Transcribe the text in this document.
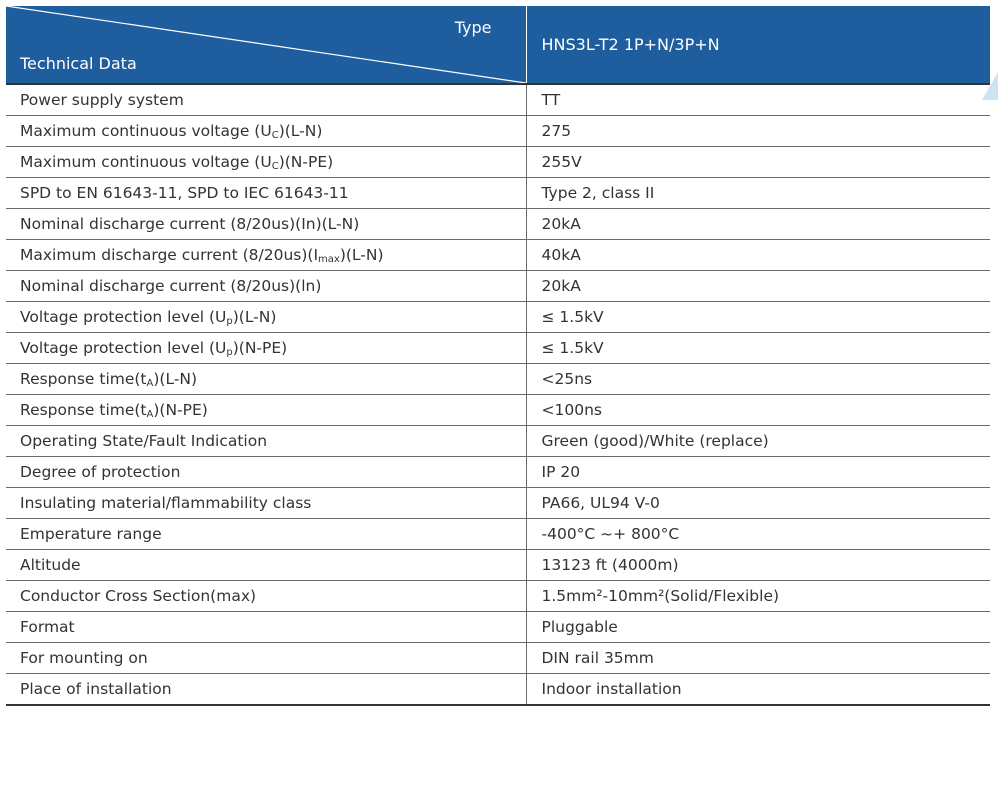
Type
Technical Data	HNS3L-T2 1P+N/3P+N
Power supply system	TT
Maximum continuous voltage $(U_C)(L-N)$	275
Maximum continuous voltage $(U_C)(N-PE)$	255V
SPD to EN 61643-11, SPD to IEC 61643-11	Type 2, class II
Nominal discharge current (8/20us)(In)(L-N)	20kA
Maximum discharge current $(8/20us)(I_{max})(L-N)$	40kA
Nominal discharge current (8/20us)(ln)	20kA
Voltage protection level $(U_p)(L-N)$	≤ 1.5kV
Voltage protection level $(U_p)(N-PE)$	≤ 1.5kV
Response $time(t_A)(L-N)$	<25ns
Response $time(t_A)(N-PE)$	<100ns
Operating State/Fault Indication	Green (good)/White (replace)
Degree of protection	IP 20
Insulating material/flammability class	PA66, UL94 V-0
Emperature range	-400°C ~+ 800°C
Altitude	13123 ft (4000m)
Conductor Cross Section(max)	1.5mm²-10mm²(Solid/Flexible)
Format	Pluggable
For mounting on	DIN rail 35mm
Place of installation	Indoor installation
